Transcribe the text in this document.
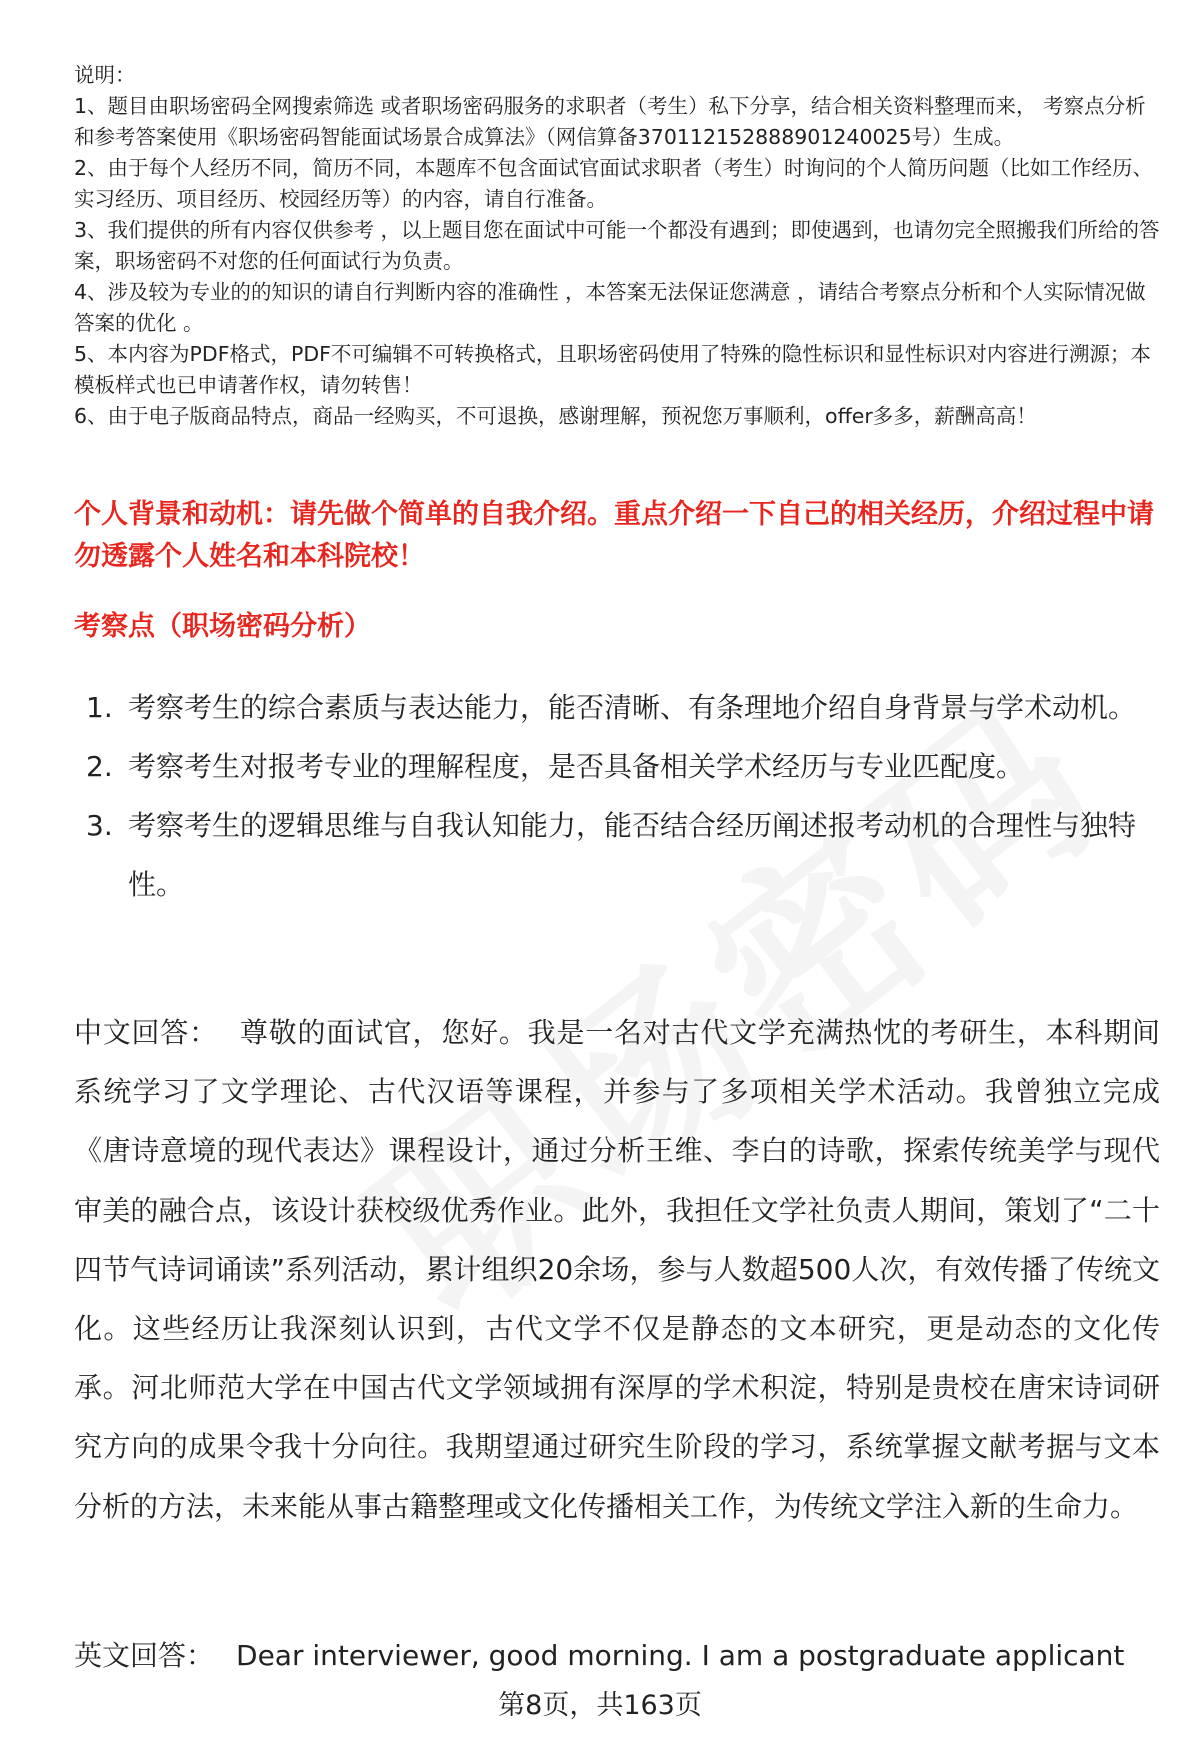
说明：

1、题目由职场密码全网搜索筛选 或者职场密码服务的求职者（考生）私下分享，结合相关资料整理而来， 考察点分析和参考答案使用《职场密码智能面试场景合成算法》（网信算备370112152888901240025号）生成。

2、由于每个人经历不同，简历不同，本题库不包含面试官面试求职者（考生）时询问的个人简历问题（比如工作经历、实习经历、项目经历、校园经历等）的内容，请自行准备。

3、我们提供的所有内容仅供参考 ，以上题目您在面试中可能一个都没有遇到；即使遇到，也请勿完全照搬我们所给的答案，职场密码不对您的任何面试行为负责。

4、涉及较为专业的的知识的请自行判断内容的准确性 ，本答案无法保证您满意 ，请结合考察点分析和个人实际情况做答案的优化 。

5、本内容为PDF格式，PDF不可编辑不可转换格式，且职场密码使用了特殊的隐性标识和显性标识对内容进行溯源；本模板样式也已申请著作权，请勿转售！

6、由于电子版商品特点，商品一经购买，不可退换，感谢理解，预祝您万事顺利，offer多多，薪酬高高！

个人背景和动机：请先做个简单的自我介绍。重点介绍一下自己的相关经历，介绍过程中请勿透露个人姓名和本科院校！

考察点（职场密码分析）

1. 考察考生的综合素质与表达能力，能否清晰、有条理地介绍自身背景与学术动机。
2. 考察考生对报考专业的理解程度，是否具备相关学术经历与专业匹配度。
3. 考察考生的逻辑思维与自我认知能力，能否结合经历阐述报考动机的合理性与独特性。

中文回答： 尊敬的面试官，您好。我是一名对古代文学充满热忱的考研生，本科期间系统学习了文学理论、古代汉语等课程，并参与了多项相关学术活动。我曾独立完成《唐诗意境的现代表达》课程设计，通过分析王维、李白的诗歌，探索传统美学与现代审美的融合点，该设计获校级优秀作业。此外，我担任文学社负责人期间，策划了“二十四节气诗词诵读”系列活动，累计组织20余场，参与人数超500人次，有效传播了传统文化。这些经历让我深刻认识到，古代文学不仅是静态的文本研究，更是动态的文化传承。河北师范大学在中国古代文学领域拥有深厚的学术积淀，特别是贵校在唐宋诗词研究方向的成果令我十分向往。我期望通过研究生阶段的学习，系统掌握文献考据与文本分析的方法，未来能从事古籍整理或文化传播相关工作，为传统文学注入新的生命力。

英文回答： Dear interviewer, good morning. I am a postgraduate applicant

第8页，共163页
